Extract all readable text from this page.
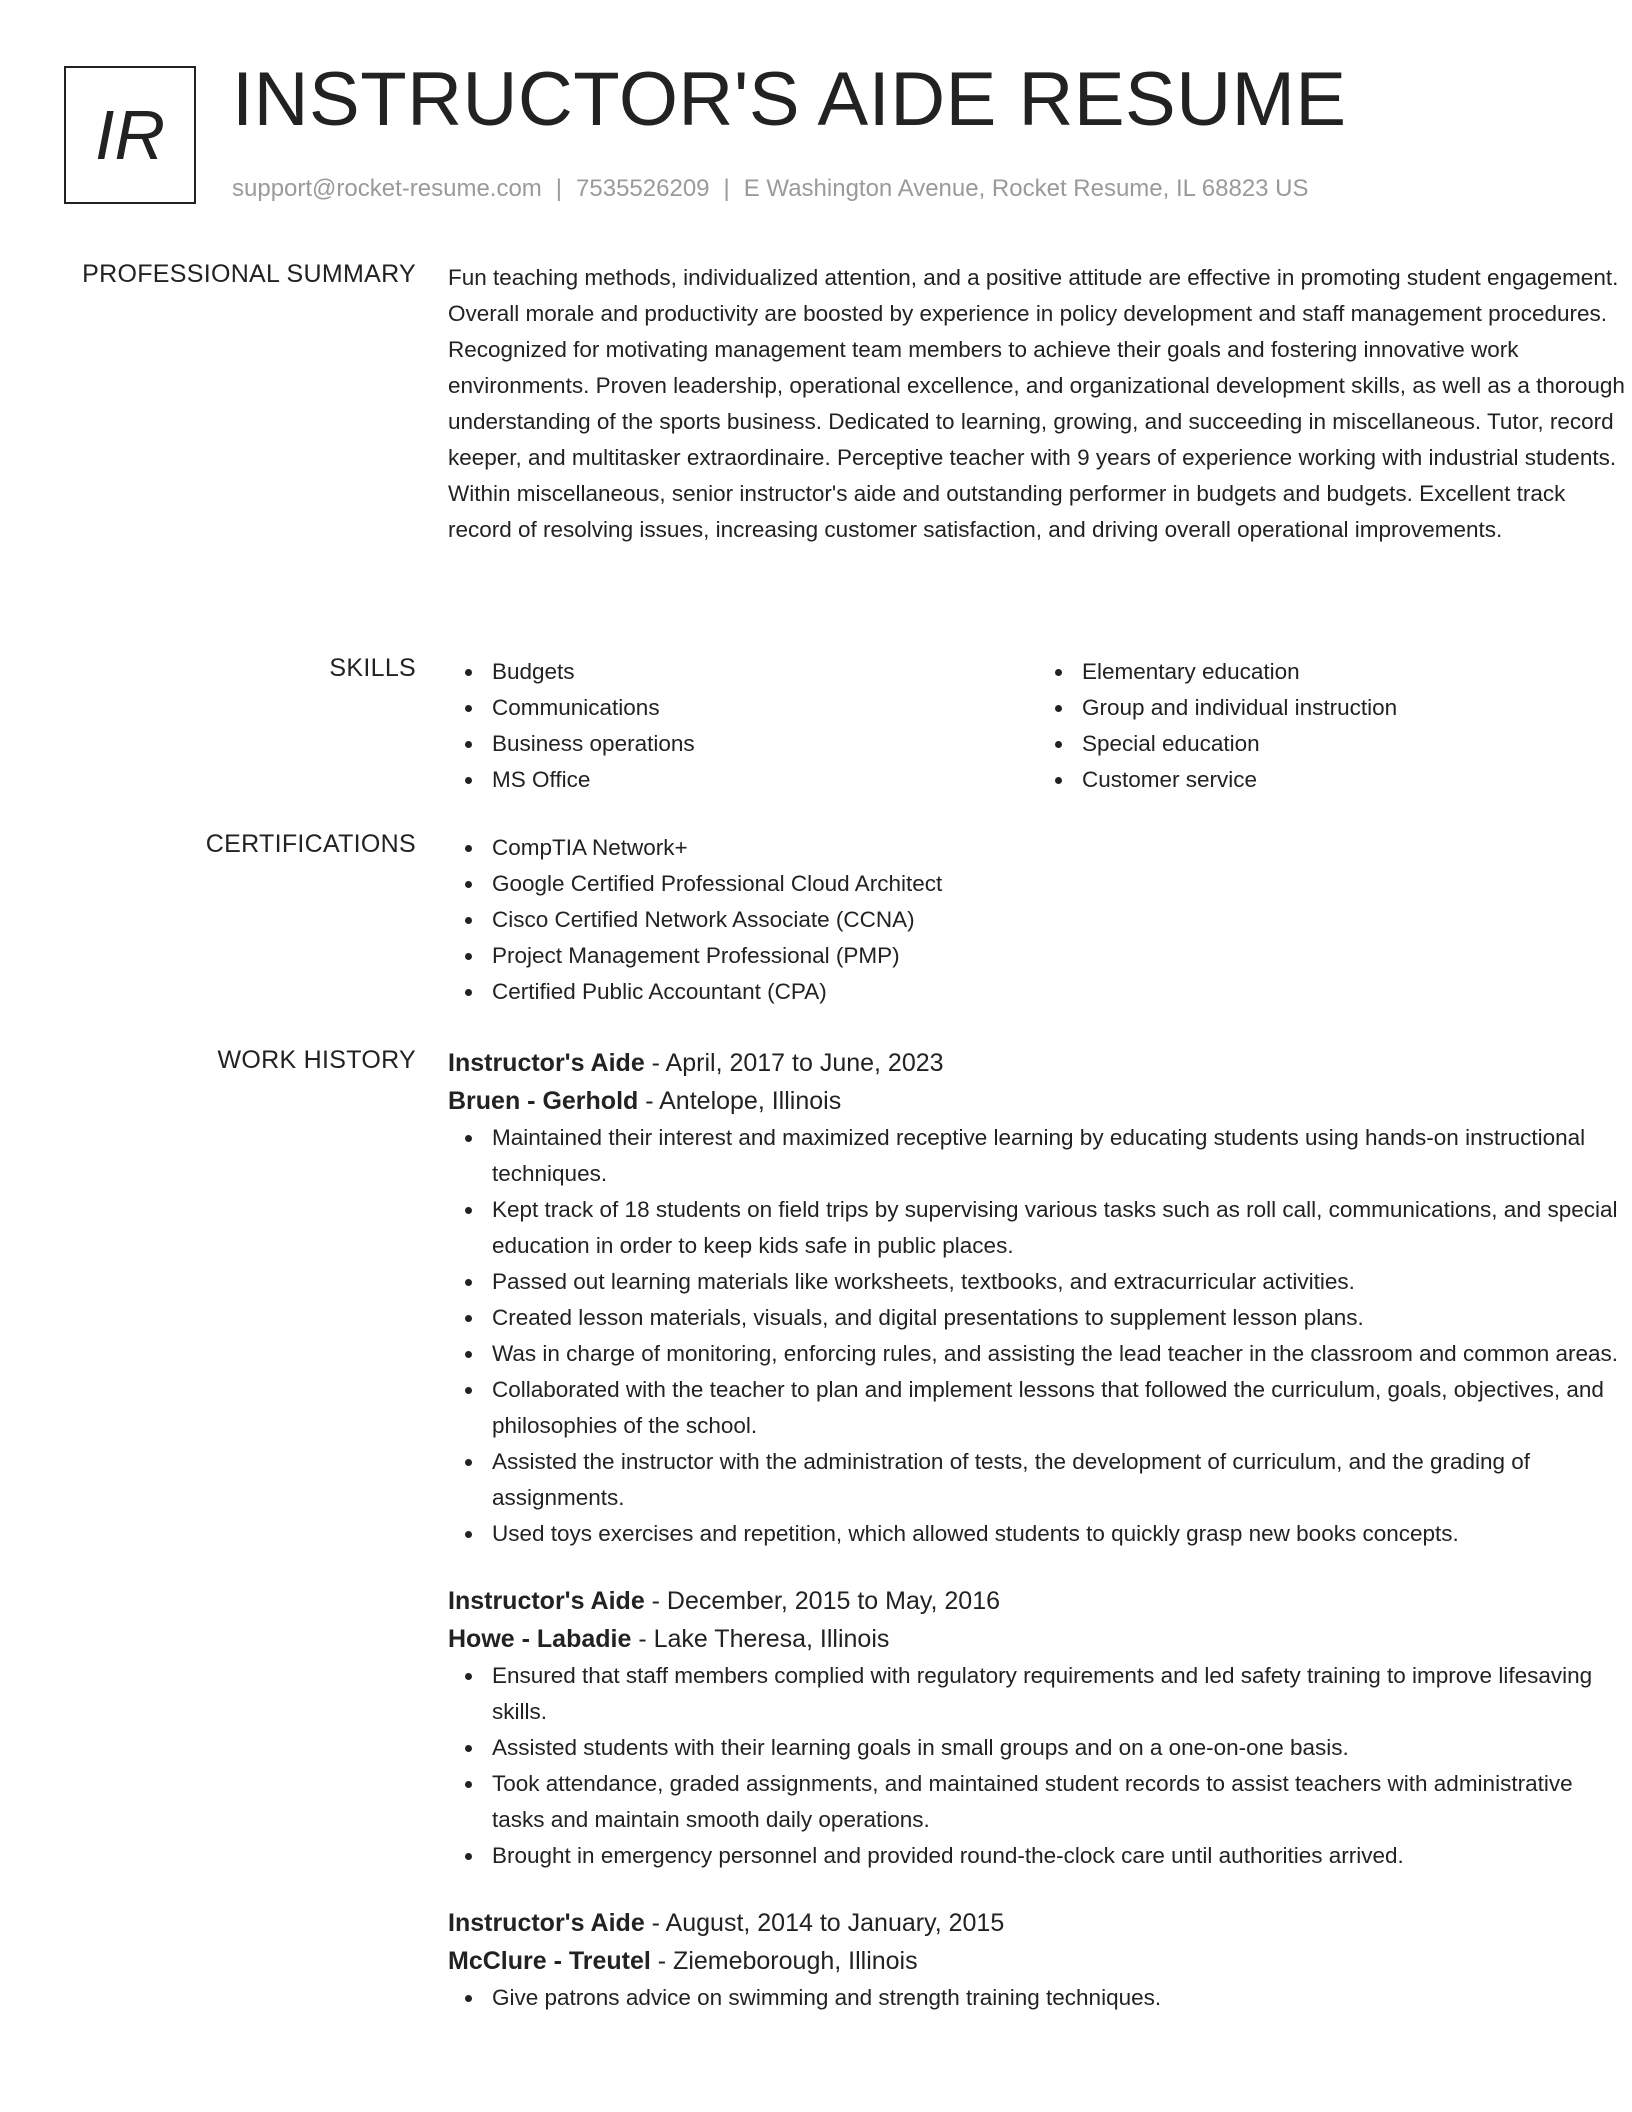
IR INSTRUCTOR'S AIDE RESUME
support@rocket-resume.com | 7535526209 | E Washington Avenue, Rocket Resume, IL 68823 US
PROFESSIONAL SUMMARY Fun teaching methods, individualized attention, and a positive attitude are effective in promoting student engagement. Overall morale and productivity are boosted by experience in policy development and staff management procedures. Recognized for motivating management team members to achieve their goals and fostering innovative work environments. Proven leadership, operational excellence, and organizational development skills, as well as a thorough understanding of the sports business. Dedicated to learning, growing, and succeeding in miscellaneous. Tutor, record keeper, and multitasker extraordinaire. Perceptive teacher with 9 years of experience working with industrial students. Within miscellaneous, senior instructor's aide and outstanding performer in budgets and budgets. Excellent track record of resolving issues, increasing customer satisfaction, and driving overall operational improvements.

SKILLS	Budgets
Communications
Business operations
MS Office
Elementary education
Group and individual instruction
Special education
Customer service
CERTIFICATIONS	CompTIA Network+
Google Certified Professional Cloud Architect
Cisco Certified Network Associate (CCNA)
Project Management Professional (PMP)
Certified Public Accountant (CPA)
WORK HISTORY Instructor's Aide - April, 2017 to June, 2023
Bruen - Gerhold - Antelope, Illinois
Maintained their interest and maximized receptive learning by educating students using hands-on instructional techniques.
Kept track of 18 students on field trips by supervising various tasks such as roll call, communications, and special education in order to keep kids safe in public places.
Passed out learning materials like worksheets, textbooks, and extracurricular activities.
Created lesson materials, visuals, and digital presentations to supplement lesson plans.
Was in charge of monitoring, enforcing rules, and assisting the lead teacher in the classroom and common areas.
Collaborated with the teacher to plan and implement lessons that followed the curriculum, goals, objectives, and philosophies of the school.
Assisted the instructor with the administration of tests, the development of curriculum, and the grading of assignments.
Used toys exercises and repetition, which allowed students to quickly grasp new books concepts.
Instructor's Aide - December, 2015 to May, 2016
Howe - Labadie - Lake Theresa, Illinois
Ensured that staff members complied with regulatory requirements and led safety training to improve lifesaving skills.
Assisted students with their learning goals in small groups and on a one-on-one basis.
Took attendance, graded assignments, and maintained student records to assist teachers with administrative tasks and maintain smooth daily operations.
Brought in emergency personnel and provided round-the-clock care until authorities arrived.
Instructor's Aide - August, 2014 to January, 2015
McClure - Treutel - Ziemeborough, Illinois
Give patrons advice on swimming and strength training techniques.
